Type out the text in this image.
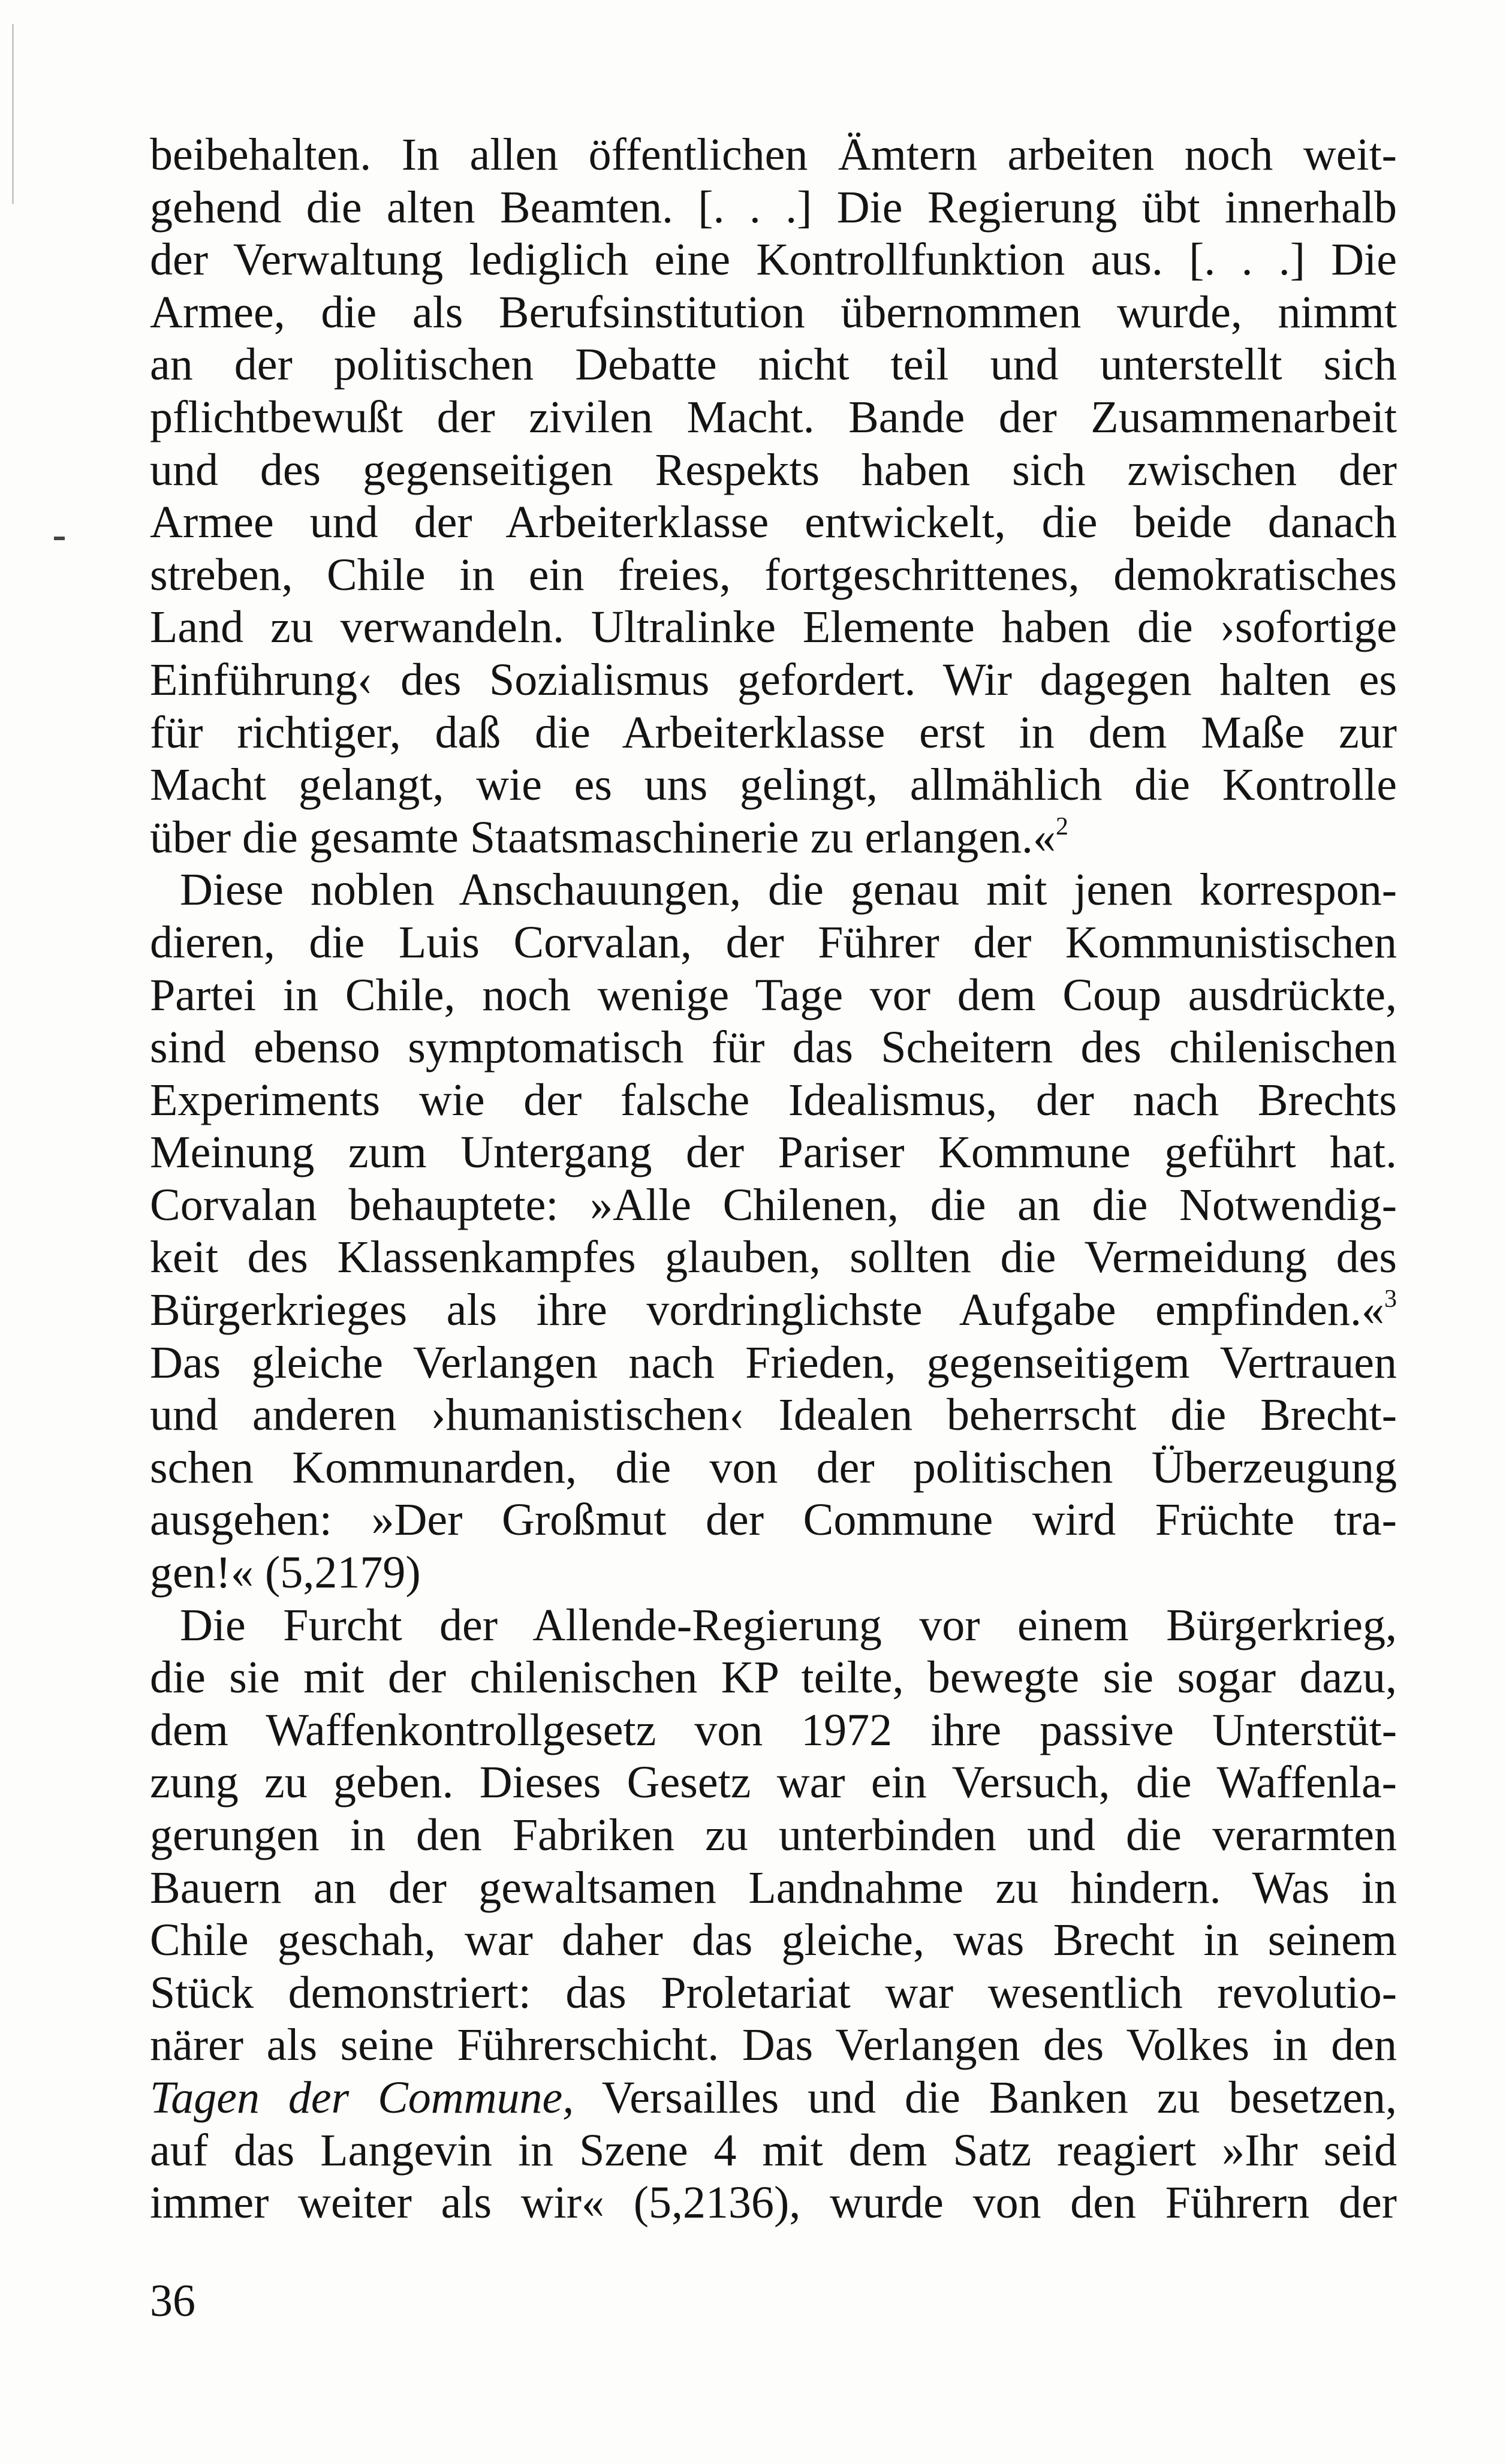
beibehalten. In allen öffentlichen Ämtern arbeiten noch weit-
gehend die alten Beamten. [. . .] Die Regierung übt innerhalb
der Verwaltung lediglich eine Kontrollfunktion aus. [. . .] Die
Armee, die als Berufsinstitution übernommen wurde, nimmt
an der politischen Debatte nicht teil und unterstellt sich
pflichtbewußt der zivilen Macht. Bande der Zusammenarbeit
und des gegenseitigen Respekts haben sich zwischen der
Armee und der Arbeiterklasse entwickelt, die beide danach
streben, Chile in ein freies, fortgeschrittenes, demokratisches
Land zu verwandeln. Ultralinke Elemente haben die ›sofortige
Einführung‹ des Sozialismus gefordert. Wir dagegen halten es
für richtiger, daß die Arbeiterklasse erst in dem Maße zur
Macht gelangt, wie es uns gelingt, allmählich die Kontrolle
über die gesamte Staatsmaschinerie zu erlangen.«$^2$
Diese noblen Anschauungen, die genau mit jenen korrespon-
dieren, die Luis Corvalan, der Führer der Kommunistischen
Partei in Chile, noch wenige Tage vor dem Coup ausdrückte,
sind ebenso symptomatisch für das Scheitern des chilenischen
Experiments wie der falsche Idealismus, der nach Brechts
Meinung zum Untergang der Pariser Kommune geführt hat.
Corvalan behauptete: »Alle Chilenen, die an die Notwendig-
keit des Klassenkampfes glauben, sollten die Vermeidung des
Bürgerkrieges als ihre vordringlichste Aufgabe empfinden.«$^3$
Das gleiche Verlangen nach Frieden, gegenseitigem Vertrauen
und anderen ›humanistischen‹ Idealen beherrscht die Brecht-
schen Kommunarden, die von der politischen Überzeugung
ausgehen: »Der Großmut der Commune wird Früchte tra-
gen!« (5,2179)
Die Furcht der Allende-Regierung vor einem Bürgerkrieg,
die sie mit der chilenischen KP teilte, bewegte sie sogar dazu,
dem Waffenkontrollgesetz von 1972 ihre passive Unterstüt-
zung zu geben. Dieses Gesetz war ein Versuch, die Waffenla-
gerungen in den Fabriken zu unterbinden und die verarmten
Bauern an der gewaltsamen Landnahme zu hindern. Was in
Chile geschah, war daher das gleiche, was Brecht in seinem
Stück demonstriert: das Proletariat war wesentlich revolutio-
närer als seine Führerschicht. Das Verlangen des Volkes in den
Tagen der Commune, Versailles und die Banken zu besetzen,
auf das Langevin in Szene 4 mit dem Satz reagiert »Ihr seid
immer weiter als wir« (5,2136), wurde von den Führern der
36
